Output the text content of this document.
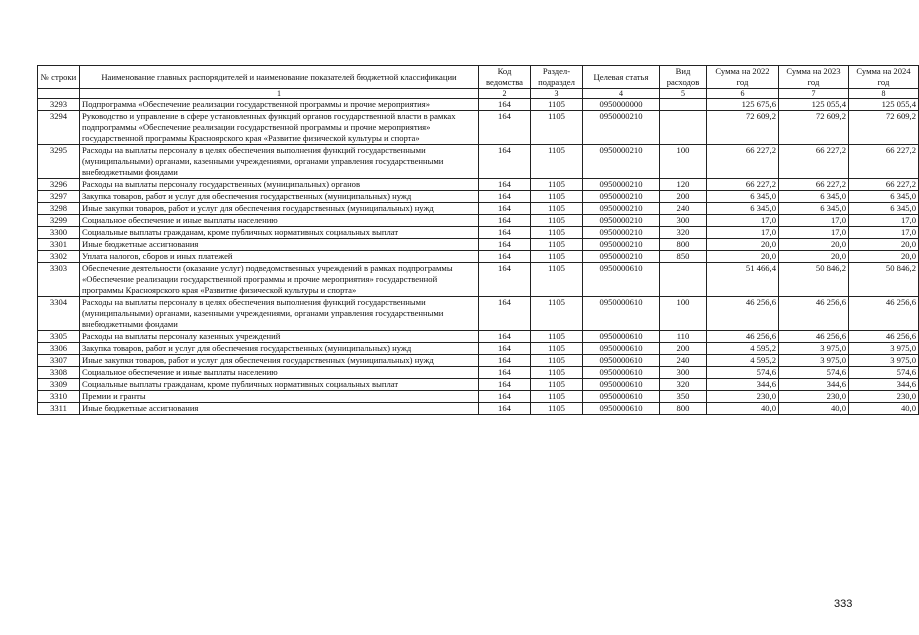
№ строки	Наименование главных распорядителей и наименование показателей бюджетной классификации	Код ведомства	Раздел-подраздел	Целевая статья	Вид расходов	Сумма на 2022 год	Сумма на 2023 год	Сумма на 2024 год
	1	2	3	4	5	6	7	8
3293	Подпрограмма «Обеспечение реализации государственной программы и прочие мероприятия»	164	1105	0950000000		125 675,6	125 055,4	125 055,4
3294	Руководство и управление в сфере установленных функций органов государственной власти в рамках подпрограммы «Обеспечение реализации государственной программы и прочие мероприятия» государственной программы Красноярского края «Развитие физической культуры и спорта»	164	1105	0950000210		72 609,2	72 609,2	72 609,2
3295	Расходы на выплаты персоналу в целях обеспечения выполнения функций государственными (муниципальными) органами, казенными учреждениями, органами управления государственными внебюджетными фондами	164	1105	0950000210	100	66 227,2	66 227,2	66 227,2
3296	Расходы на выплаты персоналу государственных (муниципальных) органов	164	1105	0950000210	120	66 227,2	66 227,2	66 227,2
3297	Закупка товаров, работ и услуг для обеспечения государственных (муниципальных) нужд	164	1105	0950000210	200	6 345,0	6 345,0	6 345,0
3298	Иные закупки товаров, работ и услуг для обеспечения государственных (муниципальных) нужд	164	1105	0950000210	240	6 345,0	6 345,0	6 345,0
3299	Социальное обеспечение и иные выплаты населению	164	1105	0950000210	300	17,0	17,0	17,0
3300	Социальные выплаты гражданам, кроме публичных нормативных социальных выплат	164	1105	0950000210	320	17,0	17,0	17,0
3301	Иные бюджетные ассигнования	164	1105	0950000210	800	20,0	20,0	20,0
3302	Уплата налогов, сборов и иных платежей	164	1105	0950000210	850	20,0	20,0	20,0
3303	Обеспечение деятельности (оказание услуг) подведомственных учреждений в рамках подпрограммы «Обеспечение реализации государственной программы и прочие мероприятия» государственной программы Красноярского края «Развитие физической культуры и спорта»	164	1105	0950000610		51 466,4	50 846,2	50 846,2
3304	Расходы на выплаты персоналу в целях обеспечения выполнения функций государственными (муниципальными) органами, казенными учреждениями, органами управления государственными внебюджетными фондами	164	1105	0950000610	100	46 256,6	46 256,6	46 256,6
3305	Расходы на выплаты персоналу казенных учреждений	164	1105	0950000610	110	46 256,6	46 256,6	46 256,6
3306	Закупка товаров, работ и услуг для обеспечения государственных (муниципальных) нужд	164	1105	0950000610	200	4 595,2	3 975,0	3 975,0
3307	Иные закупки товаров, работ и услуг для обеспечения государственных (муниципальных) нужд	164	1105	0950000610	240	4 595,2	3 975,0	3 975,0
3308	Социальное обеспечение и иные выплаты населению	164	1105	0950000610	300	574,6	574,6	574,6
3309	Социальные выплаты гражданам, кроме публичных нормативных социальных выплат	164	1105	0950000610	320	344,6	344,6	344,6
3310	Премии и гранты	164	1105	0950000610	350	230,0	230,0	230,0
3311	Иные бюджетные ассигнования	164	1105	0950000610	800	40,0	40,0	40,0
333
